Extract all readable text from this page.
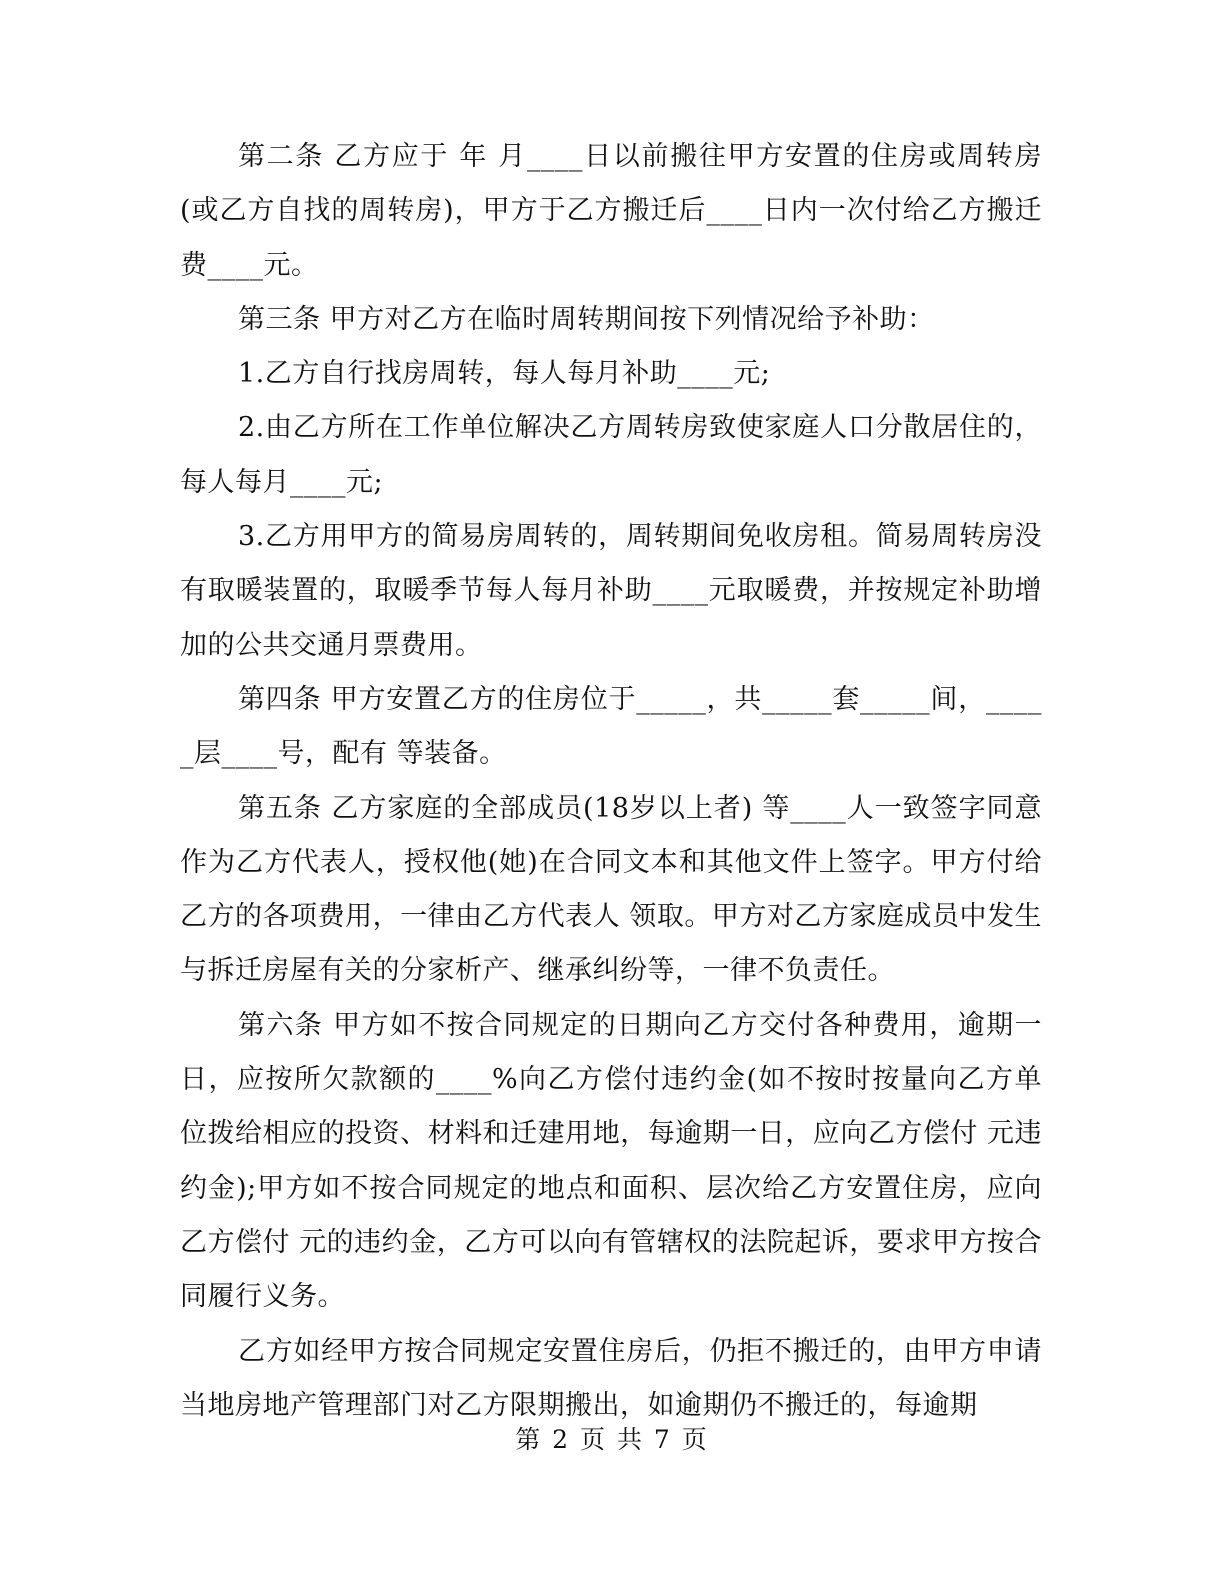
第二条 乙方应于 年 月____日以前搬往甲方安置的住房或周转房(或乙方自找的周转房)，甲方于乙方搬迁后____日内一次付给乙方搬迁费____元。

第三条 甲方对乙方在临时周转期间按下列情况给予补助：

1.乙方自行找房周转，每人每月补助____元;

2.由乙方所在工作单位解决乙方周转房致使家庭人口分散居住的，每人每月____元;

3.乙方用甲方的简易房周转的，周转期间免收房租。简易周转房没有取暖装置的，取暖季节每人每月补助____元取暖费，并按规定补助增加的公共交通月票费用。

第四条 甲方安置乙方的住房位于_____，共_____套_____间，_____层____号，配有 等装备。

第五条 乙方家庭的全部成员(18岁以上者) 等____人一致签字同意 作为乙方代表人，授权他(她)在合同文本和其他文件上签字。甲方付给乙方的各项费用，一律由乙方代表人 领取。甲方对乙方家庭成员中发生与拆迁房屋有关的分家析产、继承纠纷等，一律不负责任。

第六条 甲方如不按合同规定的日期向乙方交付各种费用，逾期一日，应按所欠款额的____%向乙方偿付违约金(如不按时按量向乙方单位拨给相应的投资、材料和迁建用地，每逾期一日，应向乙方偿付 元违约金);甲方如不按合同规定的地点和面积、层次给乙方安置住房，应向乙方偿付 元的违约金，乙方可以向有管辖权的法院起诉，要求甲方按合同履行义务。

乙方如经甲方按合同规定安置住房后，仍拒不搬迁的，由甲方申请当地房地产管理部门对乙方限期搬出，如逾期仍不搬迁的，每逾期

第 2 页 共 7 页
